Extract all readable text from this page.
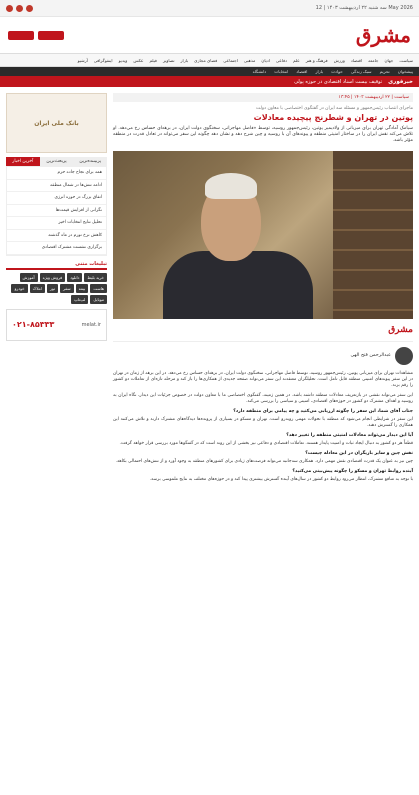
سه شنبه ۲۲ اردیبهشت ۱۴۰۳ | 12 May 2026
مشرق
سیاست
جهان
جامعه
اقتصاد
ورزش
فرهنگ و هنر
علم
دفاعی
ادیان
مذهبی
اجتماعی
فضای مجازی
بازار
تصاویر
فیلم
عکس
ویدیو
اینفوگرافی
آرشیو
پیشخوان
تحریم
سبک زندگی
حوادث
بازار
اقتصاد
انتخابات
دانشگاه
خبرفوری
توقیف بیست اسناد اقتصادی در حوزه پولی
سیاست | ۲۲ اردیبهشت ۱۴۰۳ | ۱۳:۴۵
ماجرای انتصاب رئیس‌جمهور و مسئله سه ایران در گفتگوی اختصاصی با معاون دولت
پوتین در تهران و شطرنج پیچیده معادلات
سیامک آمادگی تهران برای میزبانی از ولادیمیر پوتین، رئیس‌جمهور روسیه، توسط «فاضل مهاجرانی، سخنگوی دولت ایران، در برهه‌ای حساس رخ می‌دهد. او تلاش می‌کند نقش ایران را در ساختار امنیتی منطقه و پیوندهای آن با روسیه و چین شرح دهد و نشان دهد چگونه این سفر می‌تواند در تعادل قدرت در منطقه مؤثر باشد.
مشرق
عبدالرحمن فتح الهی
مشاهدات تهران برای میزبانی پوتین، رئیس‌جمهور روسیه، توسط فاضل مهاجرانی، سخنگوی دولت ایران، در برهه‌ای حساس رخ می‌دهد. در این برهه از زمان در تهران در این سفر پیوندهای امنیتی منطقه قابل تامل است. تحلیلگران معتقدند این سفر می‌تواند صفحه جدیدی از همکاری‌ها را باز کند و مرحله تازه‌ای از تعاملات دو کشور را رقم بزند.
این سفر می‌تواند نقشی در بازتعریف معادلات منطقه داشته باشد. در همین زمینه، گفتگوی اختصاصی ما با معاون دولت در خصوص جزئیات این دیدار، نگاه ایران به روسیه و اهداف مشترک دو کشور در حوزه‌های اقتصادی، امنیتی و سیاسی را بررسی می‌کند.
جناب آقای شما، این سفر را چگونه ارزیابی می‌کنید و چه پیامی برای منطقه دارد؟
این سفر در شرایطی انجام می‌شود که منطقه با تحولات مهمی روبه‌رو است. تهران و مسکو در بسیاری از پرونده‌ها دیدگاه‌های مشترک دارند و تلاش می‌کنند این همکاری را گسترش دهند.
آیا این دیدار می‌تواند معادلات امنیتی منطقه را تغییر دهد؟
قطعاً هر دو کشور به دنبال ایجاد ثبات و امنیت پایدار هستند. تعاملات اقتصادی و دفاعی نیز بخشی از این روند است که در گفتگوها مورد بررسی قرار خواهد گرفت.
نقش چین و سایر بازیگران در این معادله چیست؟
چین نیز به عنوان یک قدرت اقتصادی نقش مهمی دارد. همکاری سه‌جانبه می‌تواند فرصت‌های زیادی برای کشورهای منطقه به وجود آورد و از تنش‌های احتمالی بکاهد.
آینده روابط تهران و مسکو را چگونه پیش‌بینی می‌کنید؟
با توجه به منافع مشترک، انتظار می‌رود روابط دو کشور در سال‌های آینده گسترش بیشتری پیدا کند و در حوزه‌های مختلف به نتایج ملموسی برسد.
بانک ملی ایران
پربیننده‌ترین
پربحث‌ترین
آخرین اخبار
همه برای نجاح جاده حرم
ادامه تنش‌ها در شمال منطقه
اتفاق بزرگ در حوزه انرژی
نگرانی از افزایش قیمت‌ها
تحلیل نتایج انتخابات اخیر
کاهش نرخ تورم در ماه گذشته
برگزاری نشست مشترک اقتصادی
تبلیغات متنی
خرید بلیط
دانلود
فروش ویژه
آموزش
هاست
بیمه
سفر
تور
املاک
خودرو
موبایل
لپ‌تاپ
۰۲۱-۸۵۳۳۳	melat.ir
